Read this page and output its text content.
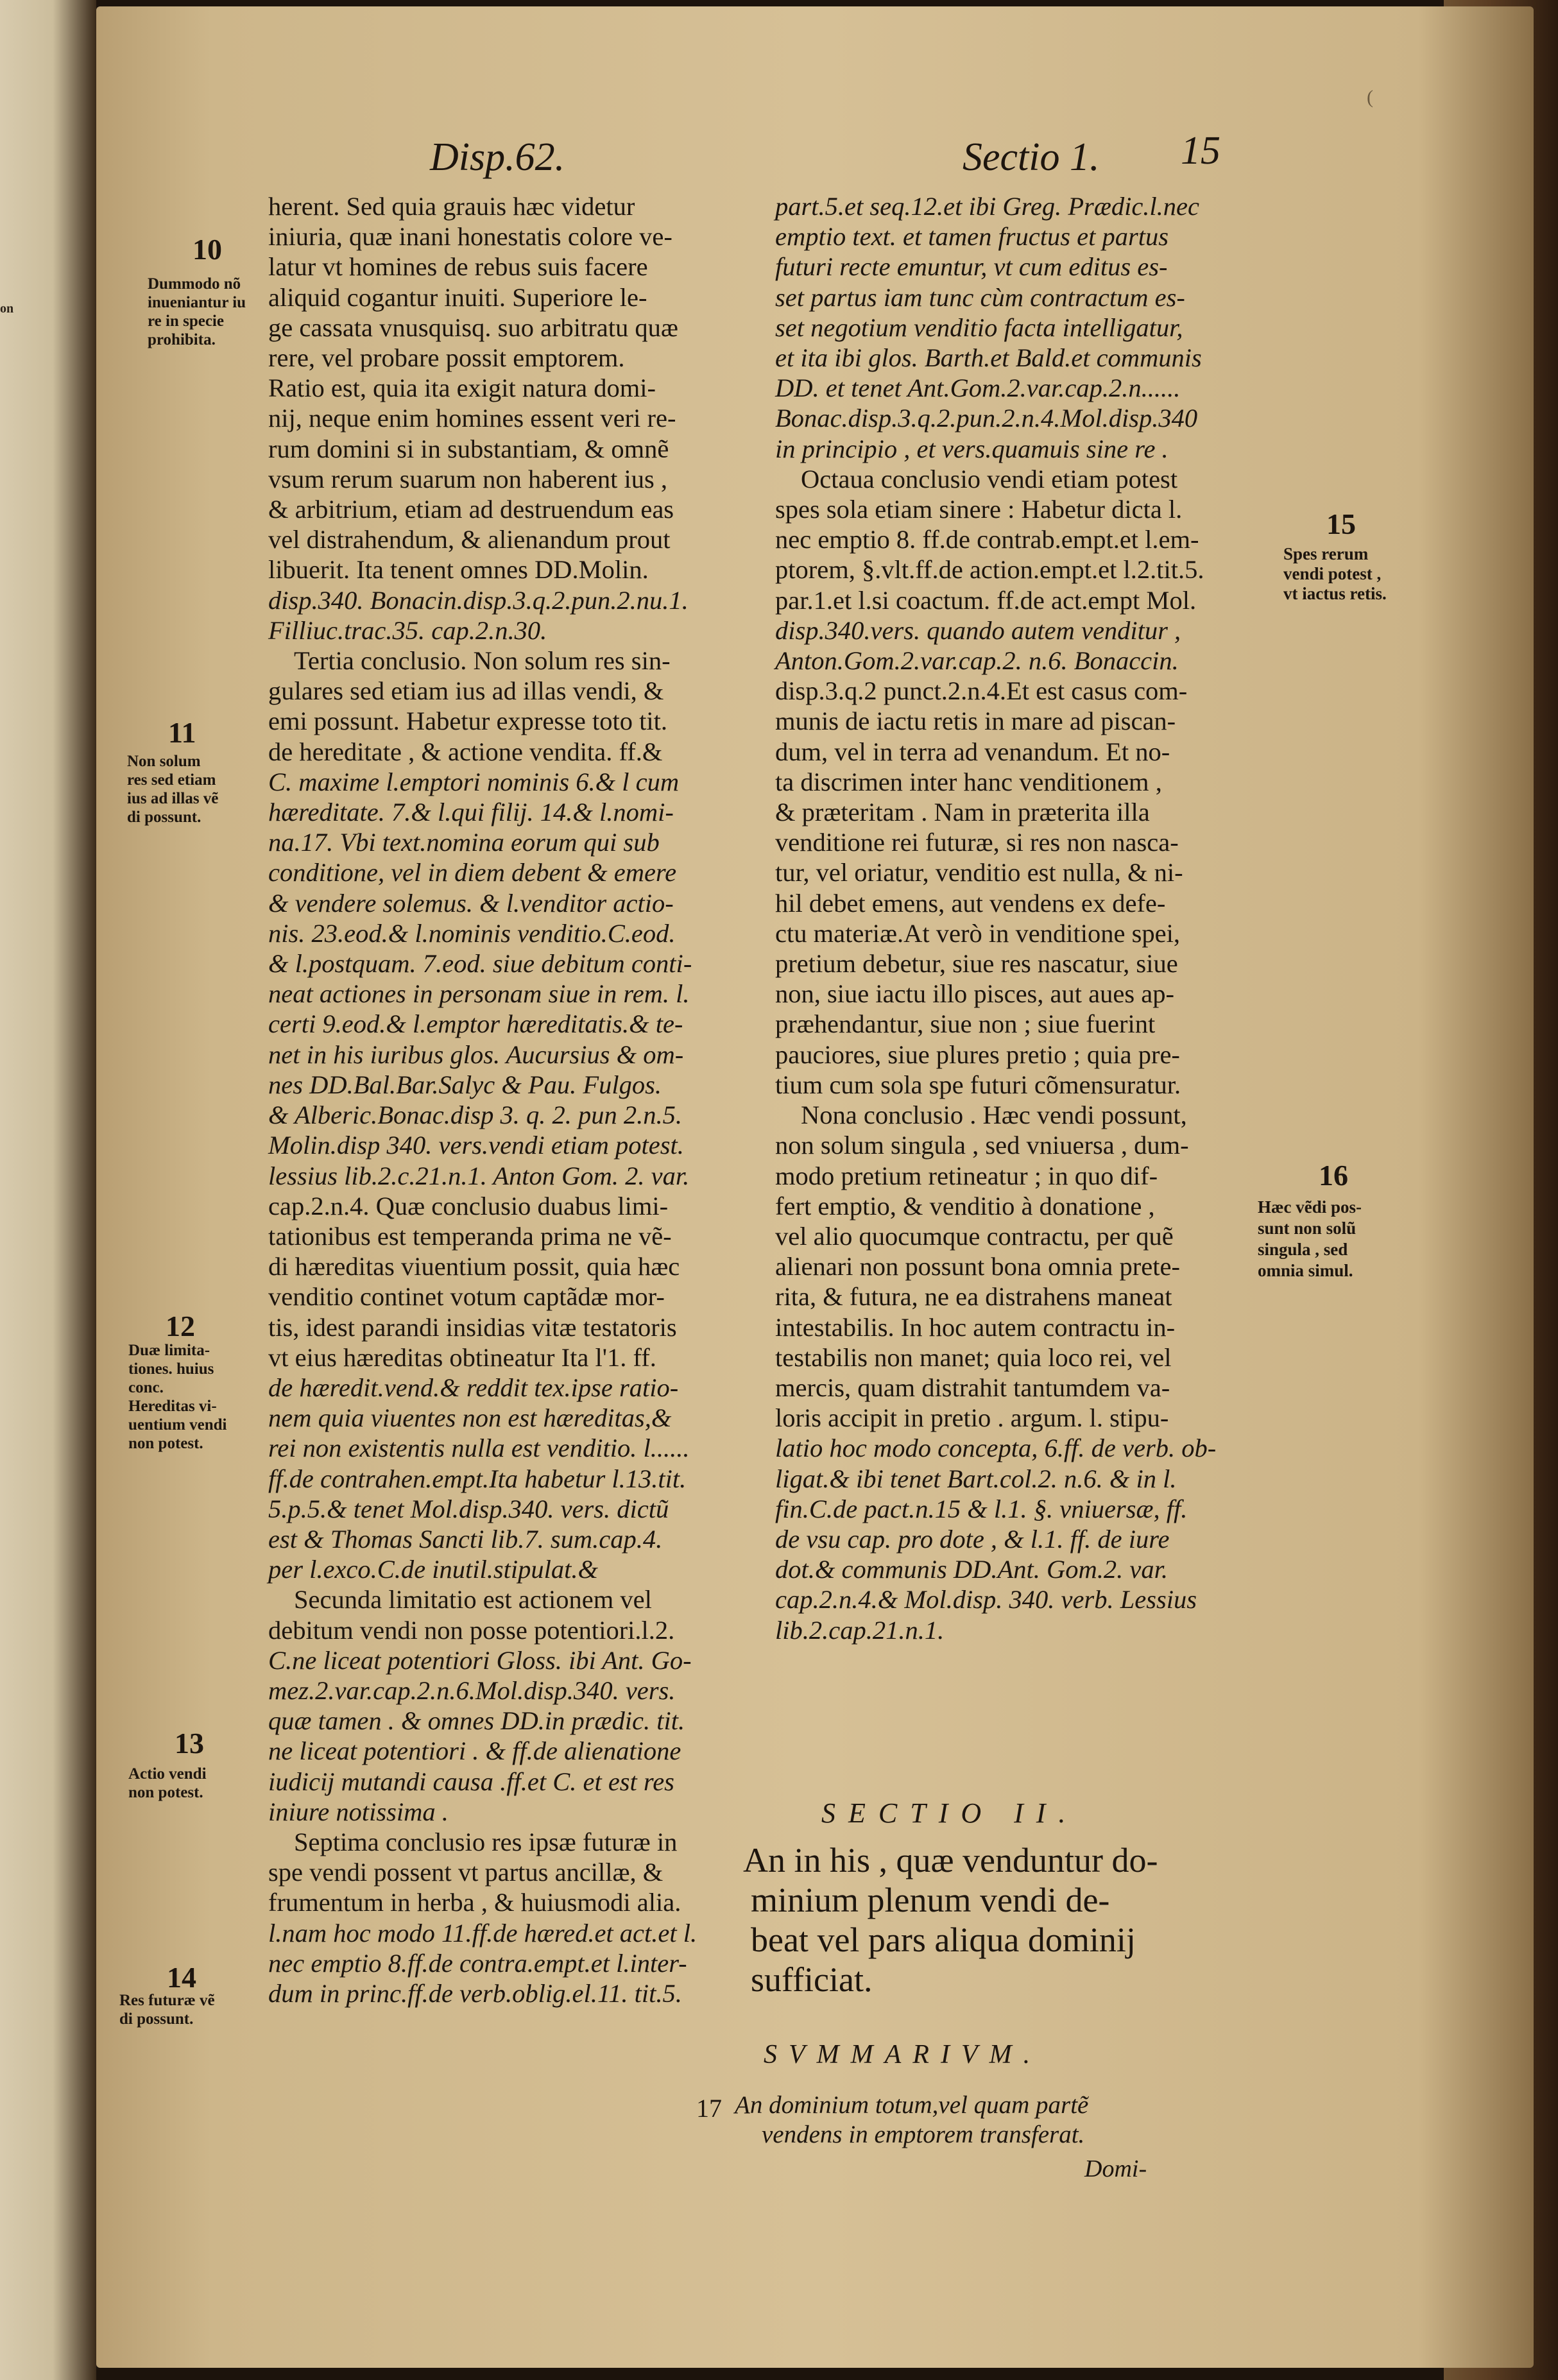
on
(
Disp.62.	Sectio 1. 15

herent. Sed quia grauis hæc videtur

iniuria, quæ inani honestatis colore ve-

latur vt homines de rebus suis facere

aliquid cogantur inuiti. Superiore le-

ge cassata vnusquisq. suo arbitratu quæ

rere, vel probare possit emptorem.

Ratio est, quia ita exigit natura domi-

nij, neque enim homines essent veri re-

rum domini si in substantiam, & omnẽ

vsum rerum suarum non haberent ius ,

& arbitrium, etiam ad destruendum eas

vel distrahendum, & alienandum prout

libuerit. Ita tenent omnes DD.Molin.

disp.340. Bonacin.disp.3.q.2.pun.2.nu.1.

Filliuc.trac.35. cap.2.n.30.

Tertia conclusio. Non solum res sin-

gulares sed etiam ius ad illas vendi, &

emi possunt. Habetur expresse toto tit.

de hereditate , & actione vendita. ff.&

C. maxime l.emptori nominis 6.& l cum

hæreditate. 7.& l.qui filij. 14.& l.nomi-

na.17. Vbi text.nomina eorum qui sub

conditione, vel in diem debent & emere

& vendere solemus. & l.venditor actio-

nis. 23.eod.& l.nominis venditio.C.eod.

& l.postquam. 7.eod. siue debitum conti-

neat actiones in personam siue in rem. l.

certi 9.eod.& l.emptor hæreditatis.& te-

net in his iuribus glos. Aucursius & om-

nes DD.Bal.Bar.Salyc & Pau. Fulgos.

& Alberic.Bonac.disp 3. q. 2. pun 2.n.5.

Molin.disp 340. vers.vendi etiam potest.

lessius lib.2.c.21.n.1. Anton Gom. 2. var.

cap.2.n.4. Quæ conclusio duabus limi-

tationibus est temperanda prima ne vẽ-

di hæreditas viuentium possit, quia hæc

venditio continet votum captãdæ mor-

tis, idest parandi insidias vitæ testatoris

vt eius hæreditas obtineatur Ita l'1. ff.

de hæredit.vend.& reddit tex.ipse ratio-

nem quia viuentes non est hæreditas,&

rei non existentis nulla est venditio. l......

ff.de contrahen.empt.Ita habetur l.13.tit.

5.p.5.& tenet Mol.disp.340. vers. dictũ

est & Thomas Sancti lib.7. sum.cap.4.

per l.exco.C.de inutil.stipulat.&

Secunda limitatio est actionem vel

debitum vendi non posse potentiori.l.2.

C.ne liceat potentiori Gloss. ibi Ant. Go-

mez.2.var.cap.2.n.6.Mol.disp.340. vers.

quæ tamen . & omnes DD.in prædic. tit.

ne liceat potentiori . & ff.de alienatione

iudicij mutandi causa .ff.et C. et est res

iniure notissima .

Septima conclusio res ipsæ futuræ in

spe vendi possent vt partus ancillæ, &

frumentum in herba , & huiusmodi alia.

l.nam hoc modo 11.ff.de hæred.et act.et l.

nec emptio 8.ff.de contra.empt.et l.inter-

dum in princ.ff.de verb.oblig.el.11. tit.5.

part.5.et seq.12.et ibi Greg. Prædic.l.nec

emptio text. et tamen fructus et partus

futuri recte emuntur, vt cum editus es-

set partus iam tunc cùm contractum es-

set negotium venditio facta intelligatur,

et ita ibi glos. Barth.et Bald.et communis

DD. et tenet Ant.Gom.2.var.cap.2.n......

Bonac.disp.3.q.2.pun.2.n.4.Mol.disp.340

in principio , et vers.quamuis sine re .

Octaua conclusio vendi etiam potest

spes sola etiam sinere : Habetur dicta l.

nec emptio 8. ff.de contrab.empt.et l.em-

ptorem, §.vlt.ff.de action.empt.et l.2.tit.5.

par.1.et l.si coactum. ff.de act.empt Mol.

disp.340.vers. quando autem venditur ,

Anton.Gom.2.var.cap.2. n.6. Bonaccin.

disp.3.q.2 punct.2.n.4.Et est casus com-

munis de iactu retis in mare ad piscan-

dum, vel in terra ad venandum. Et no-

ta discrimen inter hanc venditionem ,

& præteritam . Nam in præterita illa

venditione rei futuræ, si res non nasca-

tur, vel oriatur, venditio est nulla, & ni-

hil debet emens, aut vendens ex defe-

ctu materiæ.At verò in venditione spei,

pretium debetur, siue res nascatur, siue

non, siue iactu illo pisces, aut aues ap-

præhendantur, siue non ; siue fuerint

pauciores, siue plures pretio ; quia pre-

tium cum sola spe futuri cõmensuratur.

Nona conclusio . Hæc vendi possunt,

non solum singula , sed vniuersa , dum-

modo pretium retineatur ; in quo dif-

fert emptio, & venditio à donatione ,

vel alio quocumque contractu, per quẽ

alienari non possunt bona omnia prete-

rita, & futura, ne ea distrahens maneat

intestabilis. In hoc autem contractu in-

testabilis non manet; quia loco rei, vel

mercis, quam distrahit tantumdem va-

loris accipit in pretio . argum. l. stipu-

latio hoc modo concepta, 6.ff. de verb. ob-

ligat.& ibi tenet Bart.col.2. n.6. & in l.

fin.C.de pact.n.15 & l.1. §. vniuersæ, ff.

de vsu cap. pro dote , & l.1. ff. de iure

dot.& communis DD.Ant. Gom.2. var.

cap.2.n.4.& Mol.disp. 340. verb. Lessius

lib.2.cap.21.n.1.

SECTIO II.
An in his , quæ venduntur do-
minium plenum vendi de-
beat vel pars aliqua dominij
sufficiat.
SVMMARIVM.
17 An dominium totum,vel quam partẽ
vendens in emptorem transferat.
Domi-
10
11
12
13
14
15
16
Dummodo nõ
inueniantur iu
re in specie
prohibita.
Non solum
res sed etiam
ius ad illas vẽ
di possunt.
Duæ limita-
tiones. huius
conc.
Hereditas vi-
uentium vendi
non potest.
Actio vendi
non potest.
Res futuræ vẽ
di possunt.
Spes rerum
vendi potest ,
vt iactus retis.
Hæc vẽdi pos-
sunt non solũ
singula , sed
omnia simul.
